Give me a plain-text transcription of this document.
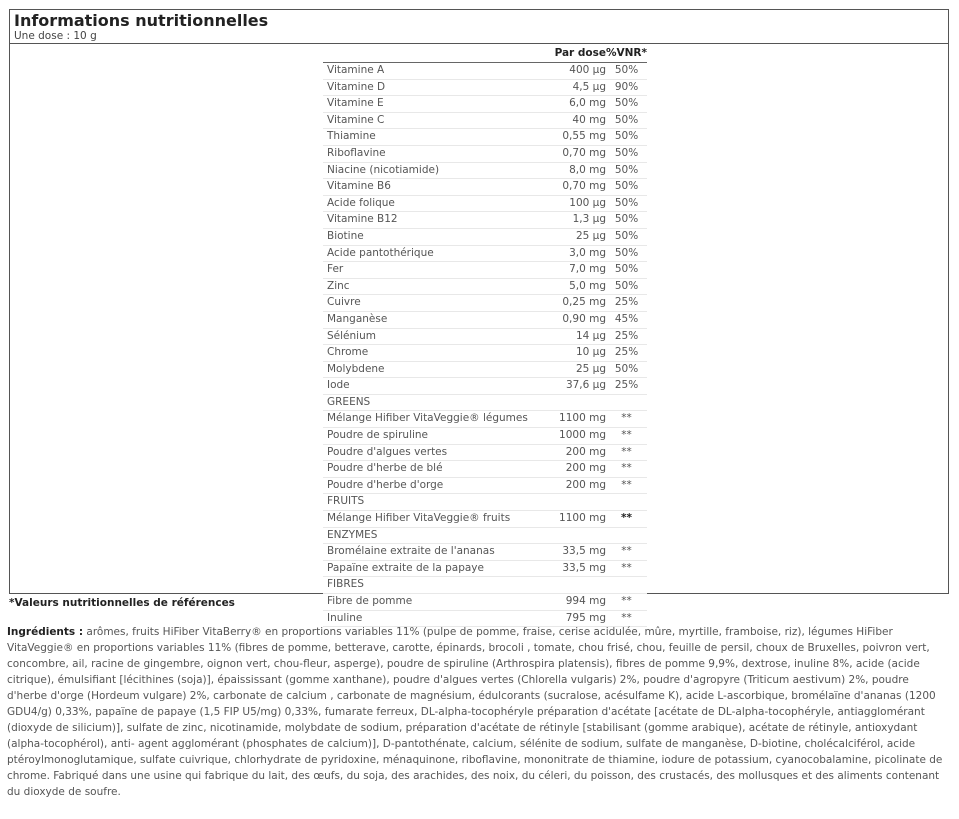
Informations nutritionnelles
Une dose : 10 g
	Par dose	%VNR*
Vitamine A	400 µg	50%
Vitamine D	4,5 µg	90%
Vitamine E	6,0 mg	50%
Vitamine C	40 mg	50%
Thiamine	0,55 mg	50%
Riboflavine	0,70 mg	50%
Niacine (nicotiamide)	8,0 mg	50%
Vitamine B6	0,70 mg	50%
Acide folique	100 µg	50%
Vitamine B12	1,3 µg	50%
Biotine	25 µg	50%
Acide pantothérique	3,0 mg	50%
Fer	7,0 mg	50%
Zinc	5,0 mg	50%
Cuivre	0,25 mg	25%
Manganèse	0,90 mg	45%
Sélénium	14 µg	25%
Chrome	10 µg	25%
Molybdene	25 µg	50%
Iode	37,6 µg	25%
GREENS		
Mélange Hifiber VitaVeggie® légumes	1100 mg	**
Poudre de spiruline	1000 mg	**
Poudre d'algues vertes	200 mg	**
Poudre d'herbe de blé	200 mg	**
Poudre d'herbe d'orge	200 mg	**
FRUITS		
Mélange Hifiber VitaVeggie® fruits	1100 mg	**
ENZYMES		
Bromélaine extraite de l'ananas	33,5 mg	**
Papaïne extraite de la papaye	33,5 mg	**
FIBRES		
Fibre de pomme	994 mg	**
Inuline	795 mg	**
*Valeurs nutritionnelles de références
Ingrédients : arômes, fruits HiFiber VitaBerry® en proportions variables 11% (pulpe de pomme, fraise, cerise acidulée, mûre, myrtille, framboise, riz), légumes HiFiber VitaVeggie® en proportions variables 11% (fibres de pomme, betterave, carotte, épinards, brocoli , tomate, chou frisé, chou, feuille de persil, choux de Bruxelles, poivron vert, concombre, ail, racine de gingembre, oignon vert, chou-fleur, asperge), poudre de spiruline (Arthrospira platensis), fibres de pomme 9,9%, dextrose, inuline 8%, acide (acide citrique), émulsifiant [lécithines (soja)], épaississant (gomme xanthane), poudre d'algues vertes (Chlorella vulgaris) 2%, poudre d'agropyre (Triticum aestivum) 2%, poudre d'herbe d'orge (Hordeum vulgare) 2%, carbonate de calcium , carbonate de magnésium, édulcorants (sucralose, acésulfame K), acide L-ascorbique, bromélaïne d'ananas (1200 GDU4/g) 0,33%, papaïne de papaye (1,5 FIP U5/mg) 0,33%, fumarate ferreux, DL-alpha-tocophéryle préparation d'acétate [acétate de DL-alpha-tocophéryle, antiagglomérant (dioxyde de silicium)], sulfate de zinc, nicotinamide, molybdate de sodium, préparation d'acétate de rétinyle [stabilisant (gomme arabique), acétate de rétinyle, antioxydant (alpha-tocophérol), anti- agent agglomérant (phosphates de calcium)], D-pantothénate, calcium, sélénite de sodium, sulfate de manganèse, D-biotine, cholécalciférol, acide ptéroylmonoglutamique, sulfate cuivrique, chlorhydrate de pyridoxine, ménaquinone, riboflavine, mononitrate de thiamine, iodure de potassium, cyanocobalamine, picolinate de chrome. Fabriqué dans une usine qui fabrique du lait, des œufs, du soja, des arachides, des noix, du céleri, du poisson, des crustacés, des mollusques et des aliments contenant du dioxyde de soufre.
